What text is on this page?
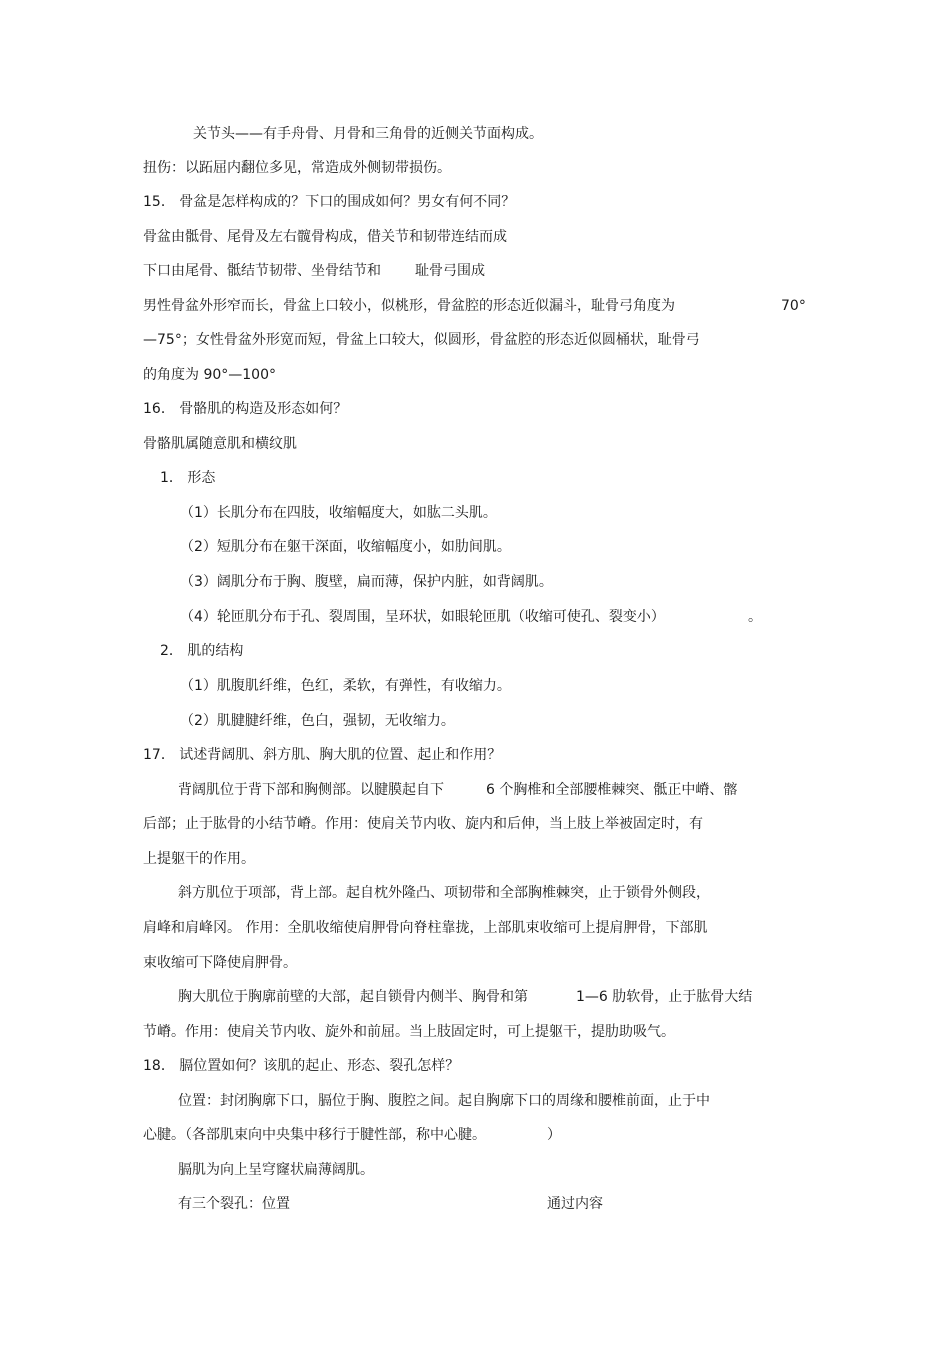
关节头——有手舟骨、月骨和三角骨的近侧关节面构成。

扭伤：以跖屈内翻位多见，常造成外侧韧带损伤。

15． 骨盆是怎样构成的？下口的围成如何？男女有何不同？

骨盆由骶骨、尾骨及左右髋骨构成，借关节和韧带连结而成

下口由尾骨、骶结节韧带、坐骨结节和 耻骨弓围成

男性骨盆外形窄而长，骨盆上口较小，似桃形，骨盆腔的形态近似漏斗，耻骨弓角度为	70°

—75°；女性骨盆外形宽而短，骨盆上口较大，似圆形，骨盆腔的形态近似圆桶状，耻骨弓

的角度为 90°—100°

16． 骨骼肌的构造及形态如何？

骨骼肌属随意肌和横纹肌

1． 形态

（1）长肌分布在四肢，收缩幅度大，如肱二头肌。

（2）短肌分布在躯干深面，收缩幅度小，如肋间肌。

（3）阔肌分布于胸、腹壁，扁而薄，保护内脏，如背阔肌。

（4）轮匝肌分布于孔、裂周围，呈环状，如眼轮匝肌（收缩可使孔、裂变小）	。

2． 肌的结构

（1）肌腹肌纤维，色红，柔软，有弹性，有收缩力。

（2）肌腱腱纤维，色白，强韧，无收缩力。

17． 试述背阔肌、斜方肌、胸大肌的位置、起止和作用？

背阔肌位于背下部和胸侧部。以腱膜起自下	6 个胸椎和全部腰椎棘突、骶正中嵴、髂

后部；止于肱骨的小结节嵴。作用：使肩关节内收、旋内和后伸，当上肢上举被固定时，有

上提躯干的作用。

斜方肌位于项部，背上部。起自枕外隆凸、项韧带和全部胸椎棘突，止于锁骨外侧段，

肩峰和肩峰冈。 作用：全肌收缩使肩胛骨向脊柱靠拢，上部肌束收缩可上提肩胛骨，下部肌

束收缩可下降使肩胛骨。

胸大肌位于胸廓前壁的大部，起自锁骨内侧半、胸骨和第	1—6 肋软骨，止于肱骨大结

节嵴。作用：使肩关节内收、旋外和前屈。当上肢固定时，可上提躯干，提肋助吸气。

18． 膈位置如何？该肌的起止、形态、裂孔怎样？

位置：封闭胸廓下口，膈位于胸、腹腔之间。起自胸廓下口的周缘和腰椎前面，止于中

心腱。（各部肌束向中央集中移行于腱性部，称中心腱。	）

膈肌为向上呈穹窿状扁薄阔肌。

有三个裂孔：位置	通过内容
